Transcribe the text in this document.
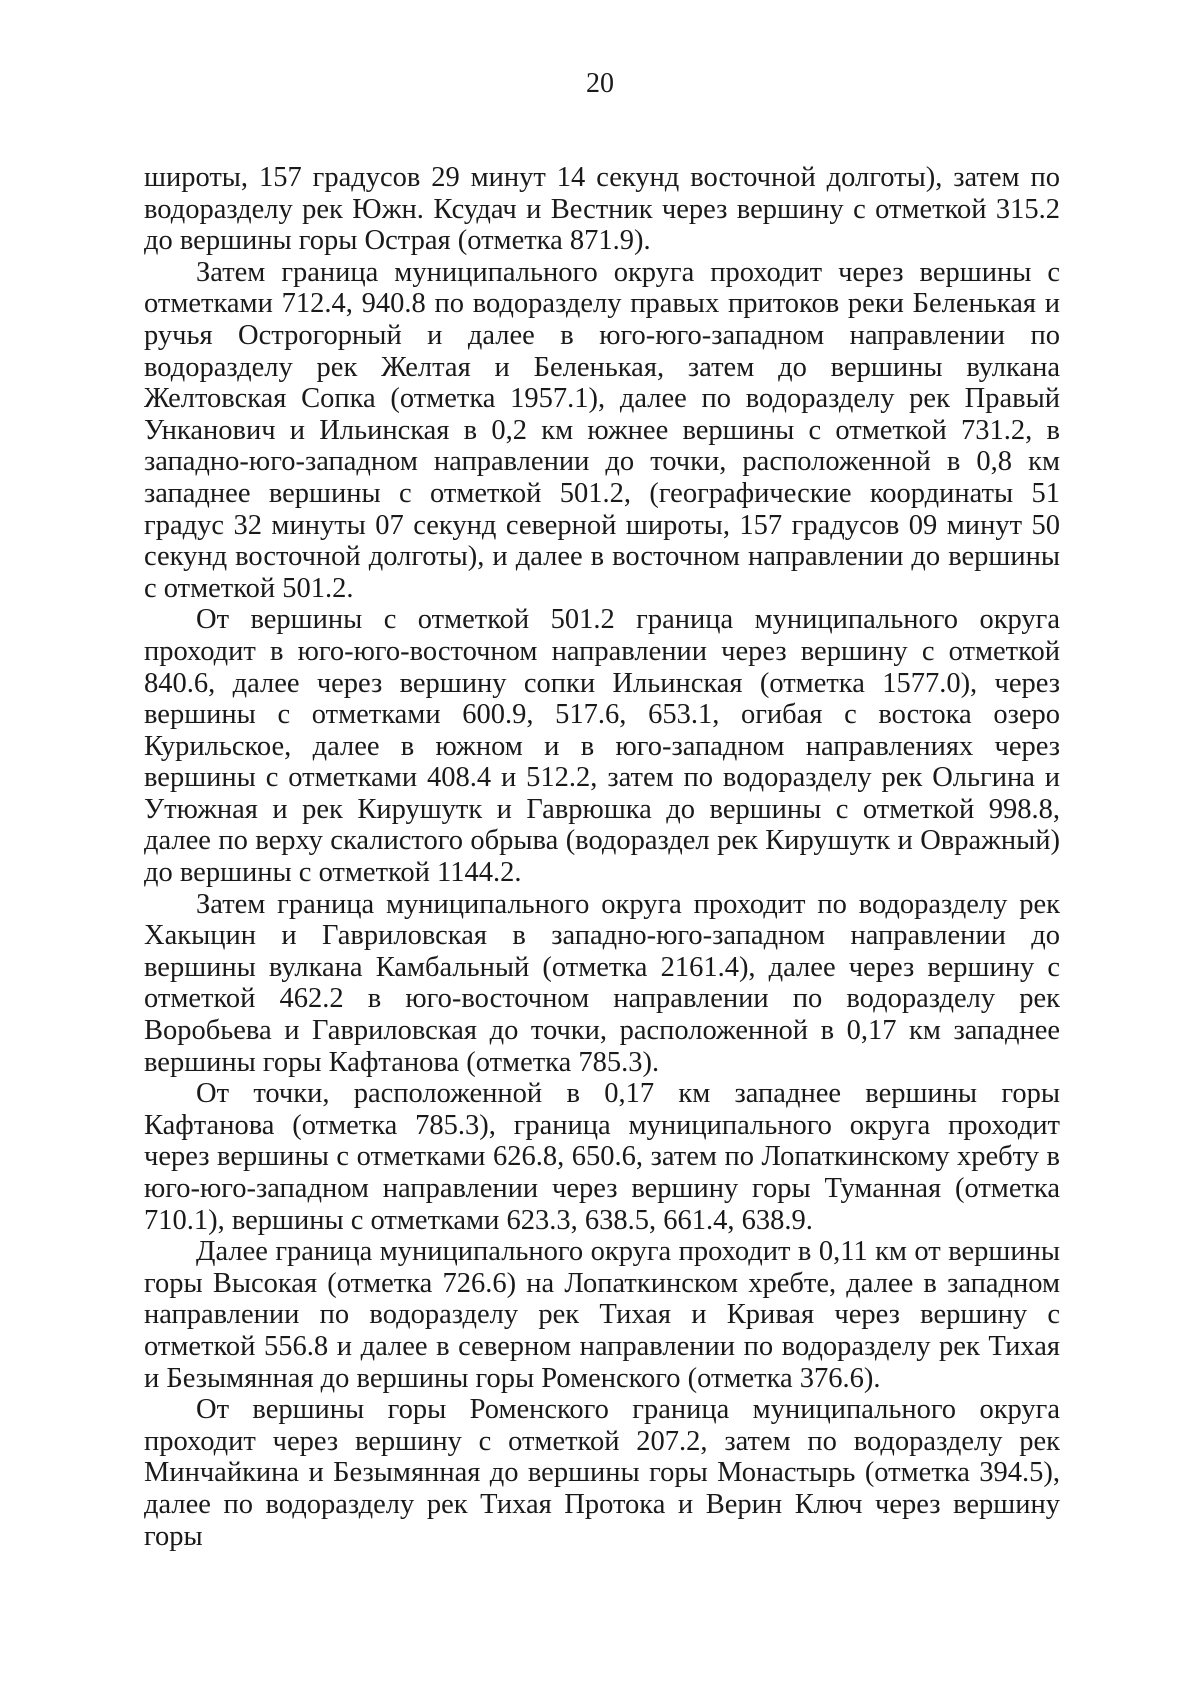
20

широты, 157 градусов 29 минут 14 секунд восточной долготы), затем по водоразделу рек Южн. Ксудач и Вестник через вершину с отметкой 315.2 до вершины горы Острая (отметка 871.9).

Затем граница муниципального округа проходит через вершины с отметками 712.4, 940.8 по водоразделу правых притоков реки Беленькая и ручья Острогорный и далее в юго-юго-западном направлении по водоразделу рек Желтая и Беленькая, затем до вершины вулкана Желтовская Сопка (отметка 1957.1), далее по водоразделу рек Правый Унканович и Ильинская в 0,2 км южнее вершины с отметкой 731.2, в западно-юго-западном направлении до точки, расположенной в 0,8 км западнее вершины с отметкой 501.2, (географические координаты 51 градус 32 минуты 07 секунд северной широты, 157 градусов 09 минут 50 секунд восточной долготы), и далее в восточном направлении до вершины с отметкой 501.2.

От вершины с отметкой 501.2 граница муниципального округа проходит в юго-юго-восточном направлении через вершину с отметкой 840.6, далее через вершину сопки Ильинская (отметка 1577.0), через вершины с отметками 600.9, 517.6, 653.1, огибая с востока озеро Курильское, далее в южном и в юго-западном направлениях через вершины с отметками 408.4 и 512.2, затем по водоразделу рек Ольгина и Утюжная и рек Кирушутк и Гаврюшка до вершины с отметкой 998.8, далее по верху скалистого обрыва (водораздел рек Кирушутк и Овражный) до вершины с отметкой 1144.2.

Затем граница муниципального округа проходит по водоразделу рек Хакыцин и Гавриловская в западно-юго-западном направлении до вершины вулкана Камбальный (отметка 2161.4), далее через вершину с отметкой 462.2 в юго-восточном направлении по водоразделу рек Воробьева и Гавриловская до точки, расположенной в 0,17 км западнее вершины горы Кафтанова (отметка 785.3).

От точки, расположенной в 0,17 км западнее вершины горы Кафтанова (отметка 785.3), граница муниципального округа проходит через вершины с отметками 626.8, 650.6, затем по Лопаткинскому хребту в юго-юго-западном направлении через вершину горы Туманная (отметка 710.1), вершины с отметками 623.3, 638.5, 661.4, 638.9.

Далее граница муниципального округа проходит в 0,11 км от вершины горы Высокая (отметка 726.6) на Лопаткинском хребте, далее в западном направлении по водоразделу рек Тихая и Кривая через вершину с отметкой 556.8 и далее в северном направлении по водоразделу рек Тихая и Безымянная до вершины горы Роменского (отметка 376.6).

От вершины горы Роменского граница муниципального округа проходит через вершину с отметкой 207.2, затем по водоразделу рек Минчайкина и Безымянная до вершины горы Монастырь (отметка 394.5), далее по водоразделу рек Тихая Протока и Верин Ключ через вершину горы
